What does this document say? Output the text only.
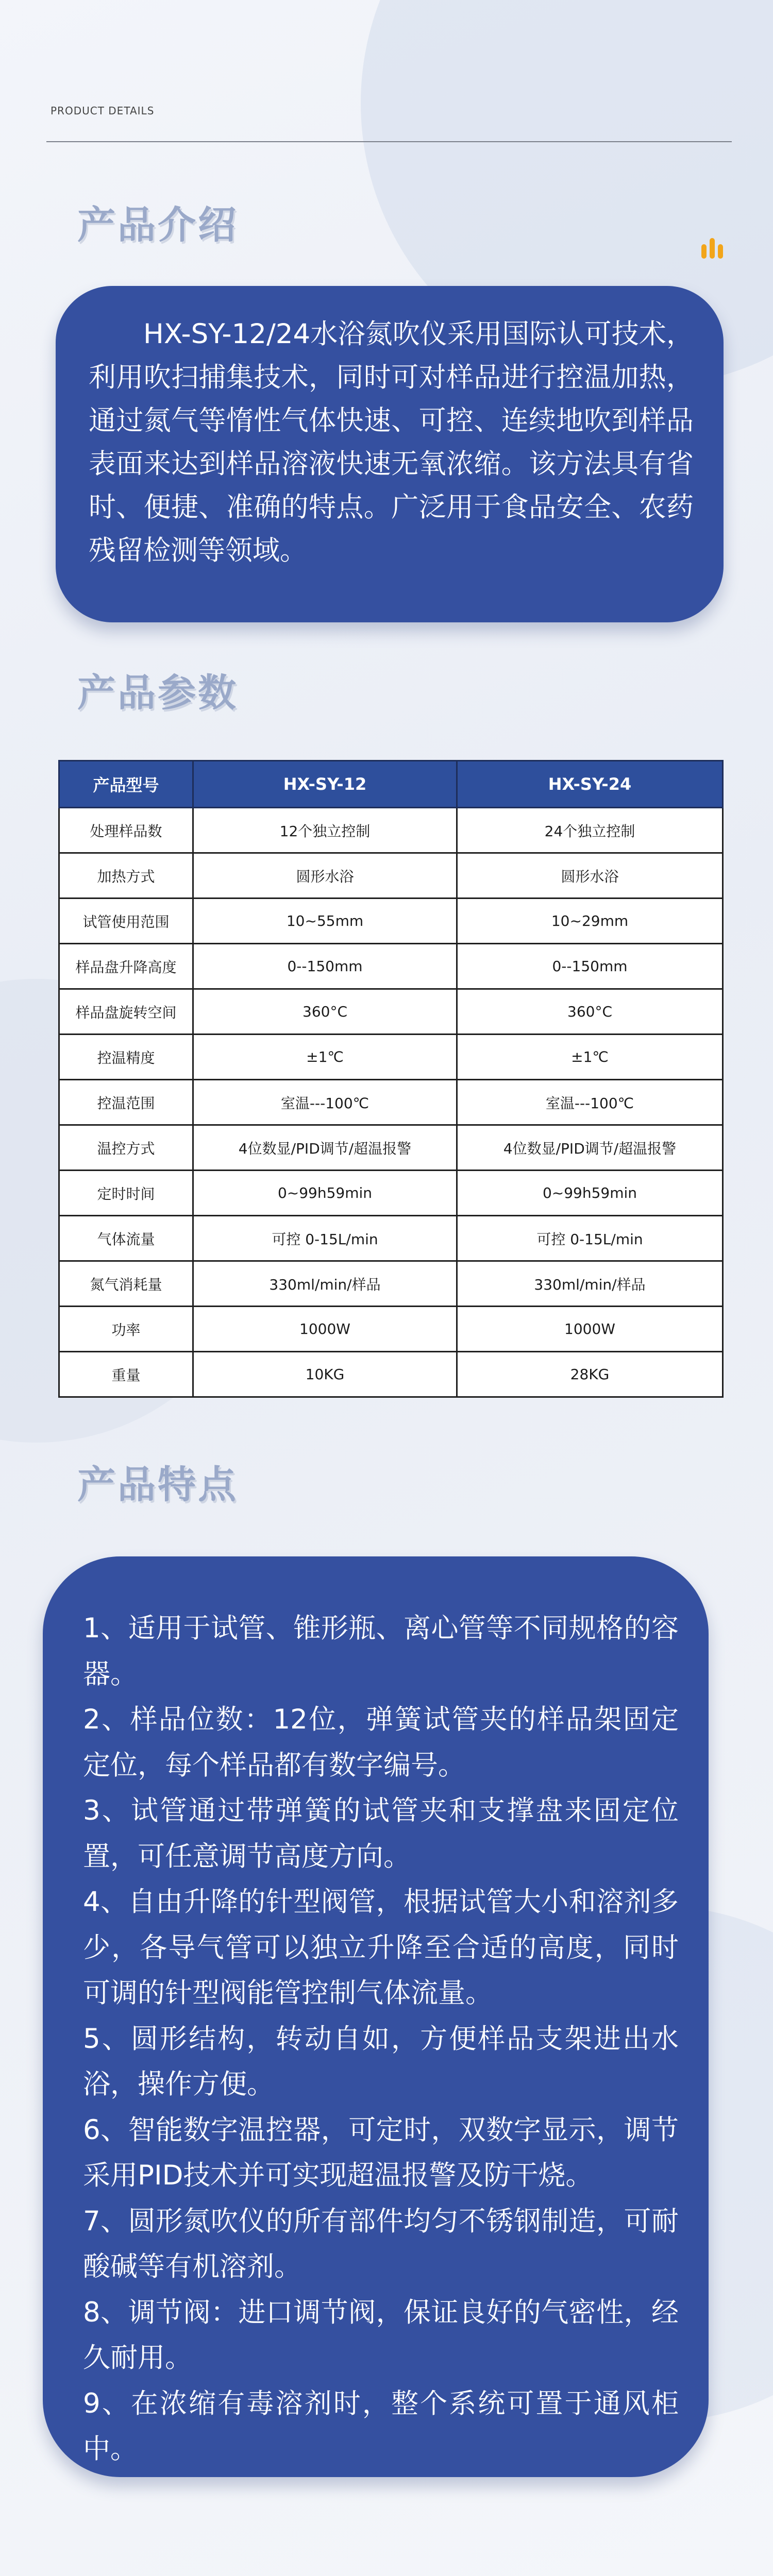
PRODUCT DETAILS
产品介绍
HX-SY-12/24水浴氮吹仪采用国际认可技术，利用吹扫捕集技术，同时可对样品进行控温加热，通过氮气等惰性气体快速、可控、连续地吹到样品表面来达到样品溶液快速无氧浓缩。该方法具有省时、便捷、准确的特点。广泛用于食品安全、农药残留检测等领域。
产品参数
产品型号	HX-SY-12	HX-SY-24
处理样品数	12个独立控制	24个独立控制
加热方式	圆形水浴	圆形水浴
试管使用范围	10~55mm	10~29mm
样品盘升降高度	0--150mm	0--150mm
样品盘旋转空间	360°C	360°C
控温精度	±1℃	±1℃
控温范围	室温---100℃	室温---100℃
温控方式	4位数显/PID调节/超温报警	4位数显/PID调节/超温报警
定时时间	0~99h59min	0~99h59min
气体流量	可控 0-15L/min	可控 0-15L/min
氮气消耗量	330ml/min/样品	330ml/min/样品
功率	1000W	1000W
重量	10KG	28KG
产品特点

1、适用于试管、锥形瓶、离心管等不同规格的容器。

2、样品位数：12位，弹簧试管夹的样品架固定定位，每个样品都有数字编号。

3、试管通过带弹簧的试管夹和支撑盘来固定位置，可任意调节高度方向。

4、自由升降的针型阀管，根据试管大小和溶剂多少，各导气管可以独立升降至合适的高度，同时可调的针型阀能管控制气体流量。

5、圆形结构，转动自如，方便样品支架进出水浴，操作方便。

6、智能数字温控器，可定时，双数字显示，调节采用PID技术并可实现超温报警及防干烧。

7、圆形氮吹仪的所有部件均匀不锈钢制造，可耐酸碱等有机溶剂。

8、调节阀：进口调节阀，保证良好的气密性，经久耐用。

9、在浓缩有毒溶剂时，整个系统可置于通风柜中。
